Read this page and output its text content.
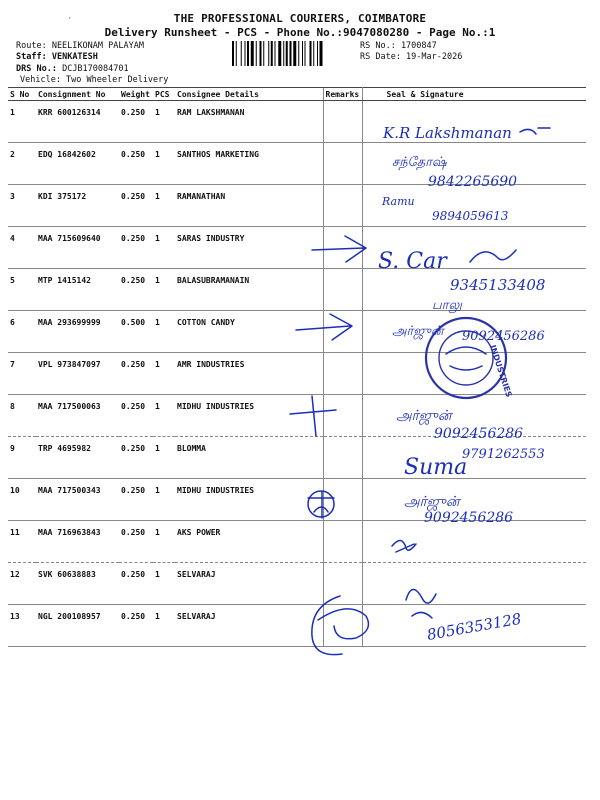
·	THE PROFESSIONAL COURIERS, COIMBATORE
Delivery Runsheet - PCS - Phone No.:9047080280 - Page No.:1
Route: NEELIKONAM PALAYAM
Staff: VENKATESH
DRS No.: DCJB170084701
Vehicle: Two Wheeler Delivery
RS No.: 1700847
RS Date: 19-Mar-2026
S No	Consignment No	Weight	PCS	Consignee Details	Remarks	Seal & Signature
1	KRR 600126314	0.250	1	RAM LAKSHMANAN		
2	EDQ 16842602	0.250	1	SANTHOS MARKETING		
3	KDI 375172	0.250	1	RAMANATHAN		
4	MAA 715609640	0.250	1	SARAS INDUSTRY		
5	MTP 1415142	0.250	1	BALASUBRAMANAIN		
6	MAA 293699999	0.500	1	COTTON CANDY		
7	VPL 973847097	0.250	1	AMR INDUSTRIES		
8	MAA 717500063	0.250	1	MIDHU INDUSTRIES		
9	TRP 4695982	0.250	1	BLOMMA		
10	MAA 717500343	0.250	1	MIDHU INDUSTRIES		
11	MAA 716963843	0.250	1	AKS POWER		
12	SVK 60638883	0.250	1	SELVARAJ		
13	NGL 200108957	0.250	1	SELVARAJ		
K.R Lakshmanan
சந்தோஷ்
9842265690
Ramu
9894059613
S. Car
9345133408
பாலு
அர்ஜுன் 9092456286
INDUSTRIES
அர்ஜுன்
9092456286
9791262553
Suma
அர்ஜுன்
9092456286
8056353128
